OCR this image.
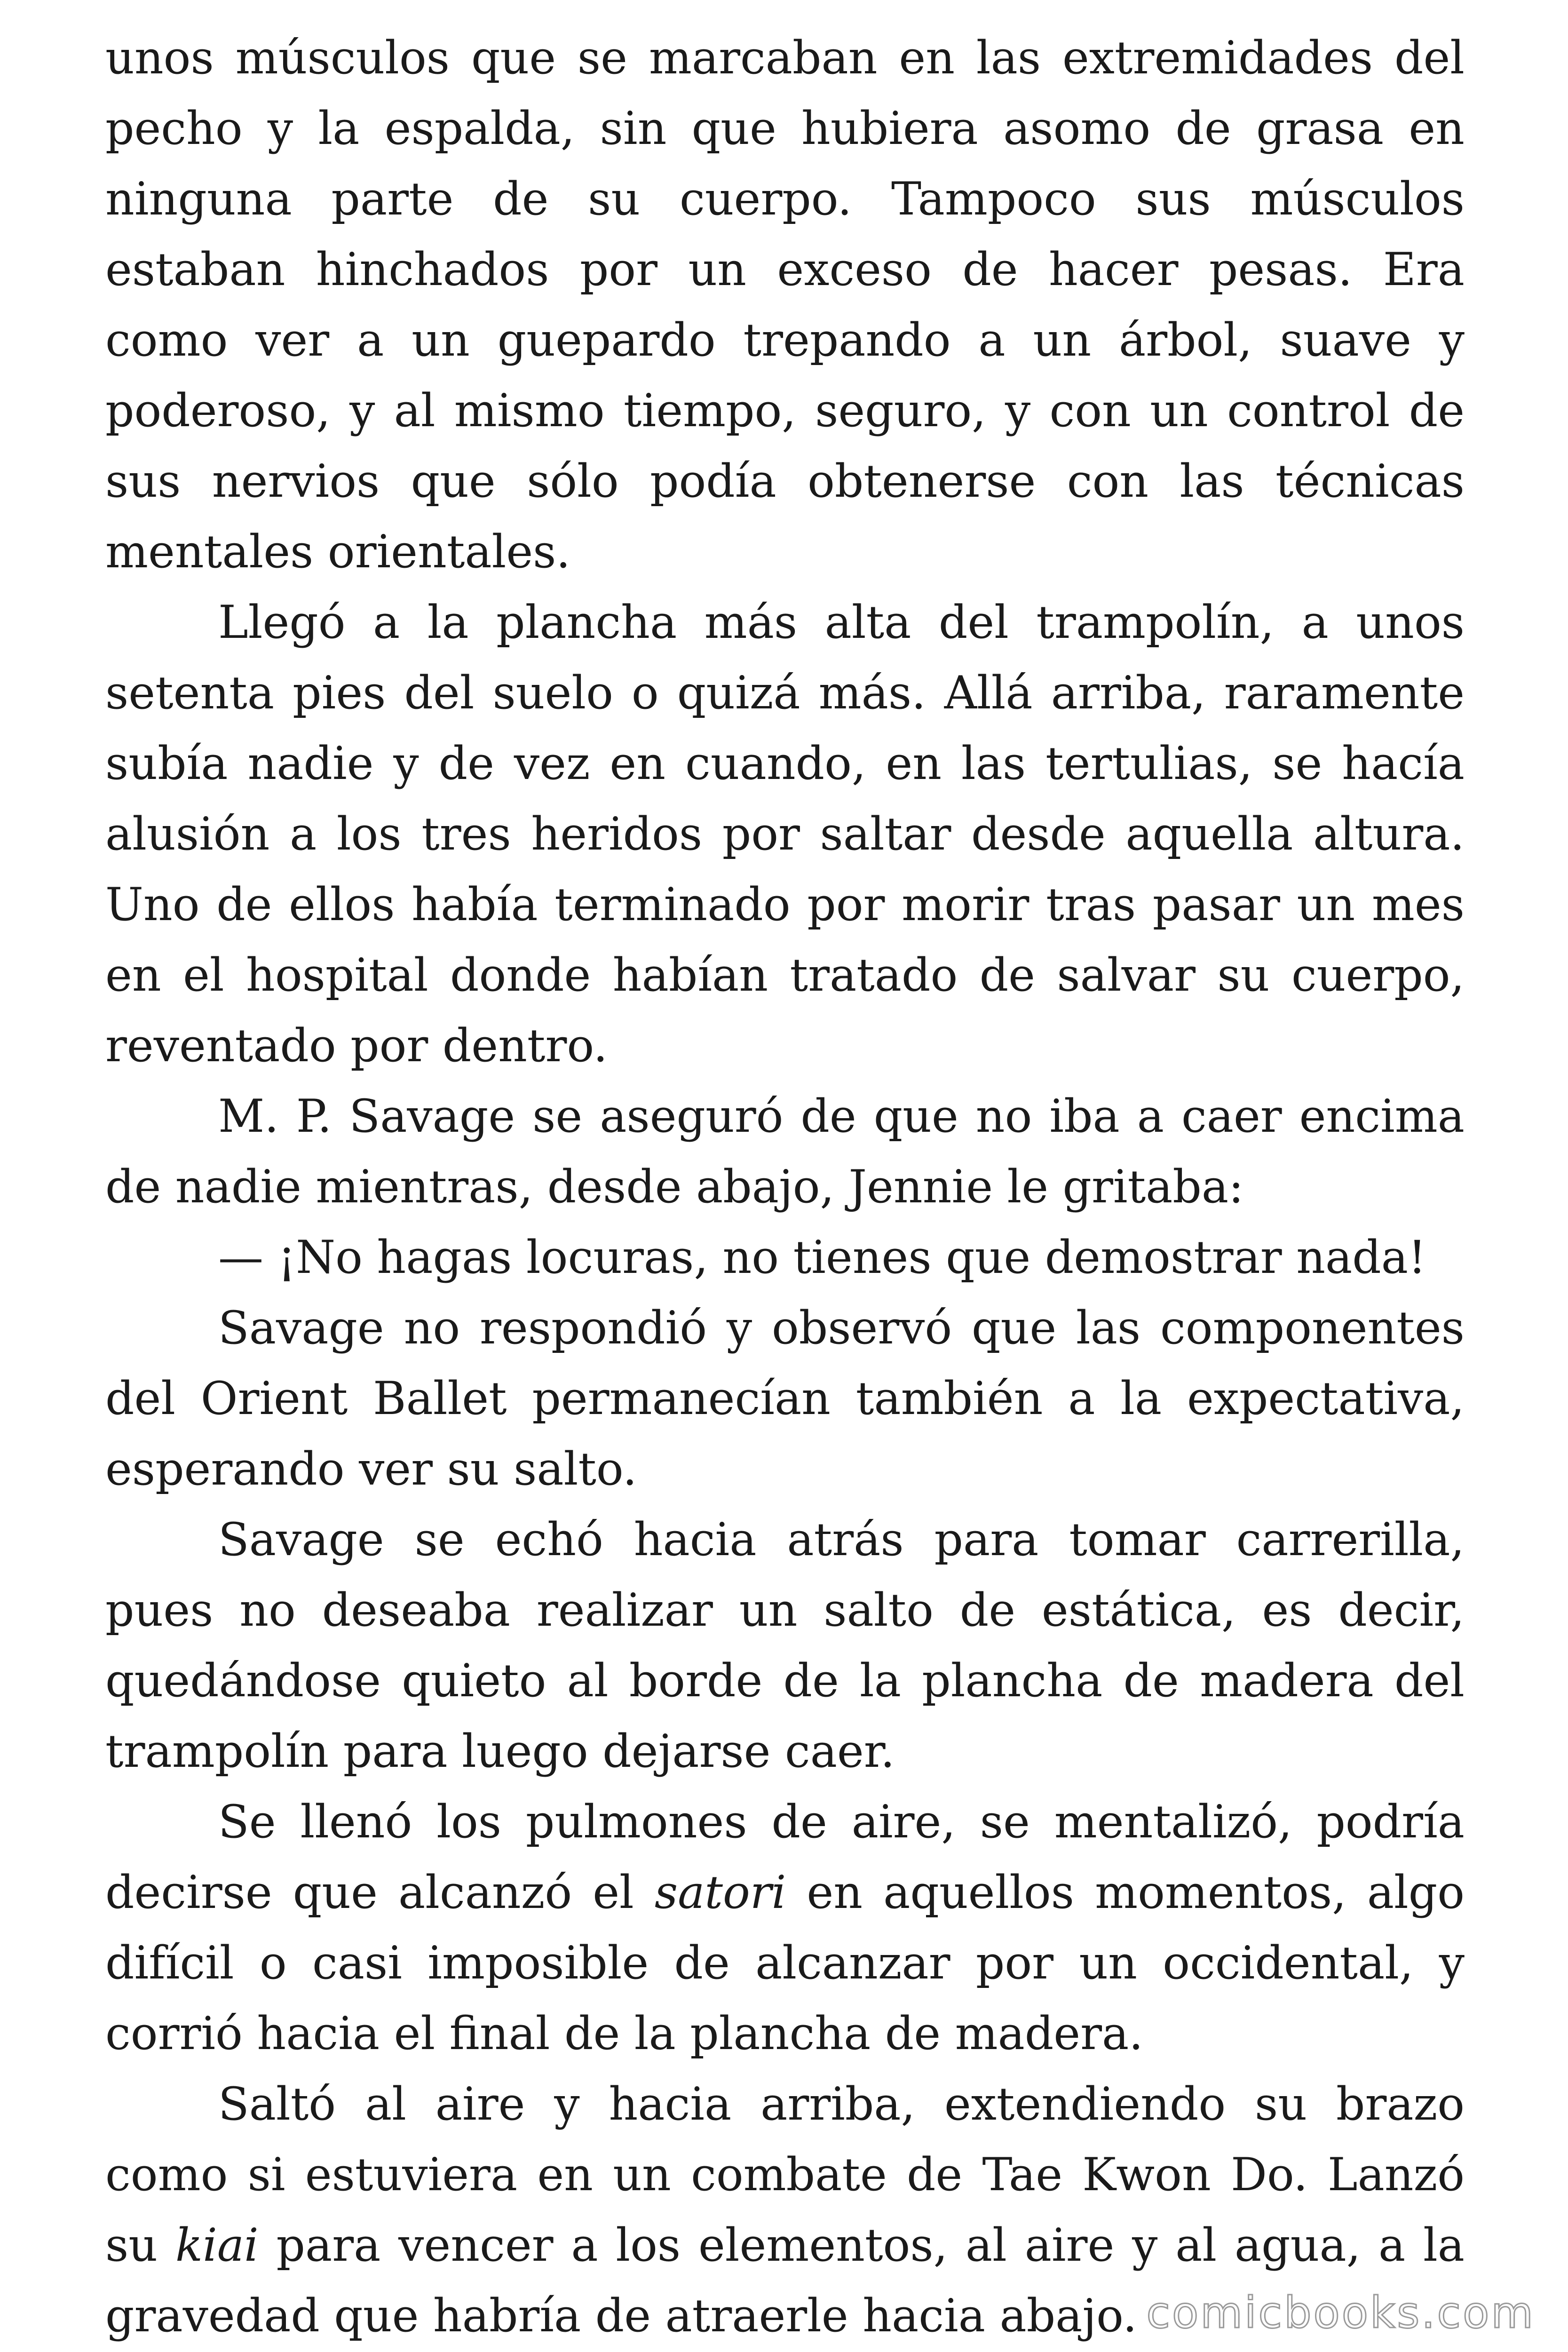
unos músculos que se marcaban en las extremidades del pecho y la espalda, sin que hubiera asomo de grasa en ninguna parte de su cuerpo. Tampoco sus músculos estaban hinchados por un exceso de hacer pesas. Era como ver a un guepardo trepando a un árbol, suave y poderoso, y al mismo tiempo, seguro, y con un control de sus nervios que sólo podía obtenerse con las técnicas mentales orientales.

Llegó a la plancha más alta del trampolín, a unos setenta pies del suelo o quizá más. Allá arriba, raramente subía nadie y de vez en cuando, en las tertulias, se hacía alusión a los tres heridos por saltar desde aquella altura. Uno de ellos había terminado por morir tras pasar un mes en el hospital donde habían tratado de salvar su cuerpo, reventado por dentro.

M. P. Savage se aseguró de que no iba a caer encima de nadie mientras, desde abajo, Jennie le gritaba:

— ¡No hagas locuras, no tienes que demostrar nada!

Savage no respondió y observó que las componentes del Orient Ballet permanecían también a la expectativa, esperando ver su salto.

Savage se echó hacia atrás para tomar carrerilla, pues no deseaba realizar un salto de estática, es decir, quedándose quieto al borde de la plancha de madera del trampolín para luego dejarse caer.

Se llenó los pulmones de aire, se mentalizó, podría decirse que alcanzó el satori en aquellos momentos, algo difícil o casi imposible de alcanzar por un occidental, y corrió hacia el final de la plancha de madera.

Saltó al aire y hacia arriba, extendiendo su brazo como si estuviera en un combate de Tae Kwon Do. Lanzó su kiai para vencer a los elementos, al aire y al agua, a la gravedad que habría de atraerle hacia abajo. comicbooks.com
